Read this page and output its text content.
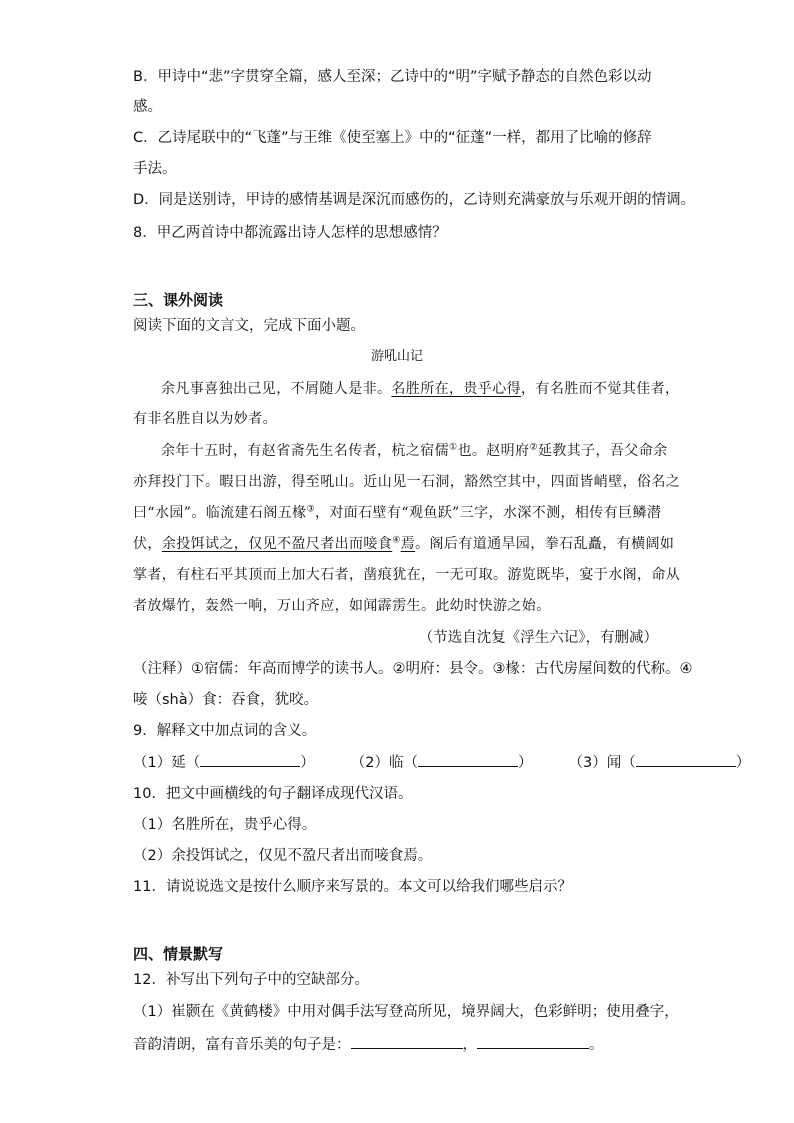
B．甲诗中“悲”字贯穿全篇，感人至深；乙诗中的“明”字赋予静态的自然色彩以动
感。
C．乙诗尾联中的“飞蓬”与王维《使至塞上》中的“征蓬”一样，都用了比喻的修辞
手法。
D．同是送别诗，甲诗的感情基调是深沉而感伤的，乙诗则充满豪放与乐观开朗的情调。
8．甲乙两首诗中都流露出诗人怎样的思想感情？
三、课外阅读
阅读下面的文言文，完成下面小题。
游吼山记
余凡事喜独出己见，不屑随人是非。名胜所在，贵乎心得，有名胜而不觉其佳者，
有非名胜自以为妙者。
余年十五时，有赵省斋先生名传者，杭之宿儒①也。赵明府②延教其子，吾父命余
亦拜投门下。暇日出游，得至吼山。近山见一石洞，豁然空其中，四面皆峭壁，俗名之
曰“水园”。临流建石阁五椽③，对面石壁有“观鱼跃”三字，水深不测，相传有巨鳞潜
伏，余投饵试之，仅见不盈尺者出而唼食④焉。阁后有道通旱园，拳石乱矗，有横阔如
掌者，有柱石平其顶而上加大石者，凿痕犹在，一无可取。游览既毕，宴于水阁，命从
者放爆竹，轰然一响，万山齐应，如闻霹雳生。此幼时快游之始。
（节选自沈复《浮生六记》，有删减）
（注释）①宿儒：年高而博学的读书人。②明府：县令。③椽：古代房屋间数的代称。④
唼（shà）食：吞食，犹咬。
9．解释文中加点词的含义。
（1）延（	） （2）临（	） （3）闻（	）
10．把文中画横线的句子翻译成现代汉语。
（1）名胜所在，贵乎心得。
（2）余投饵试之，仅见不盈尺者出而唼食焉。
11．请说说选文是按什么顺序来写景的。本文可以给我们哪些启示？
四、情景默写
12．补写出下列句子中的空缺部分。
（1）崔颢在《黄鹤楼》中用对偶手法写登高所见，境界阔大，色彩鲜明；使用叠字，
音韵清朗，富有音乐美的句子是：	，	。
